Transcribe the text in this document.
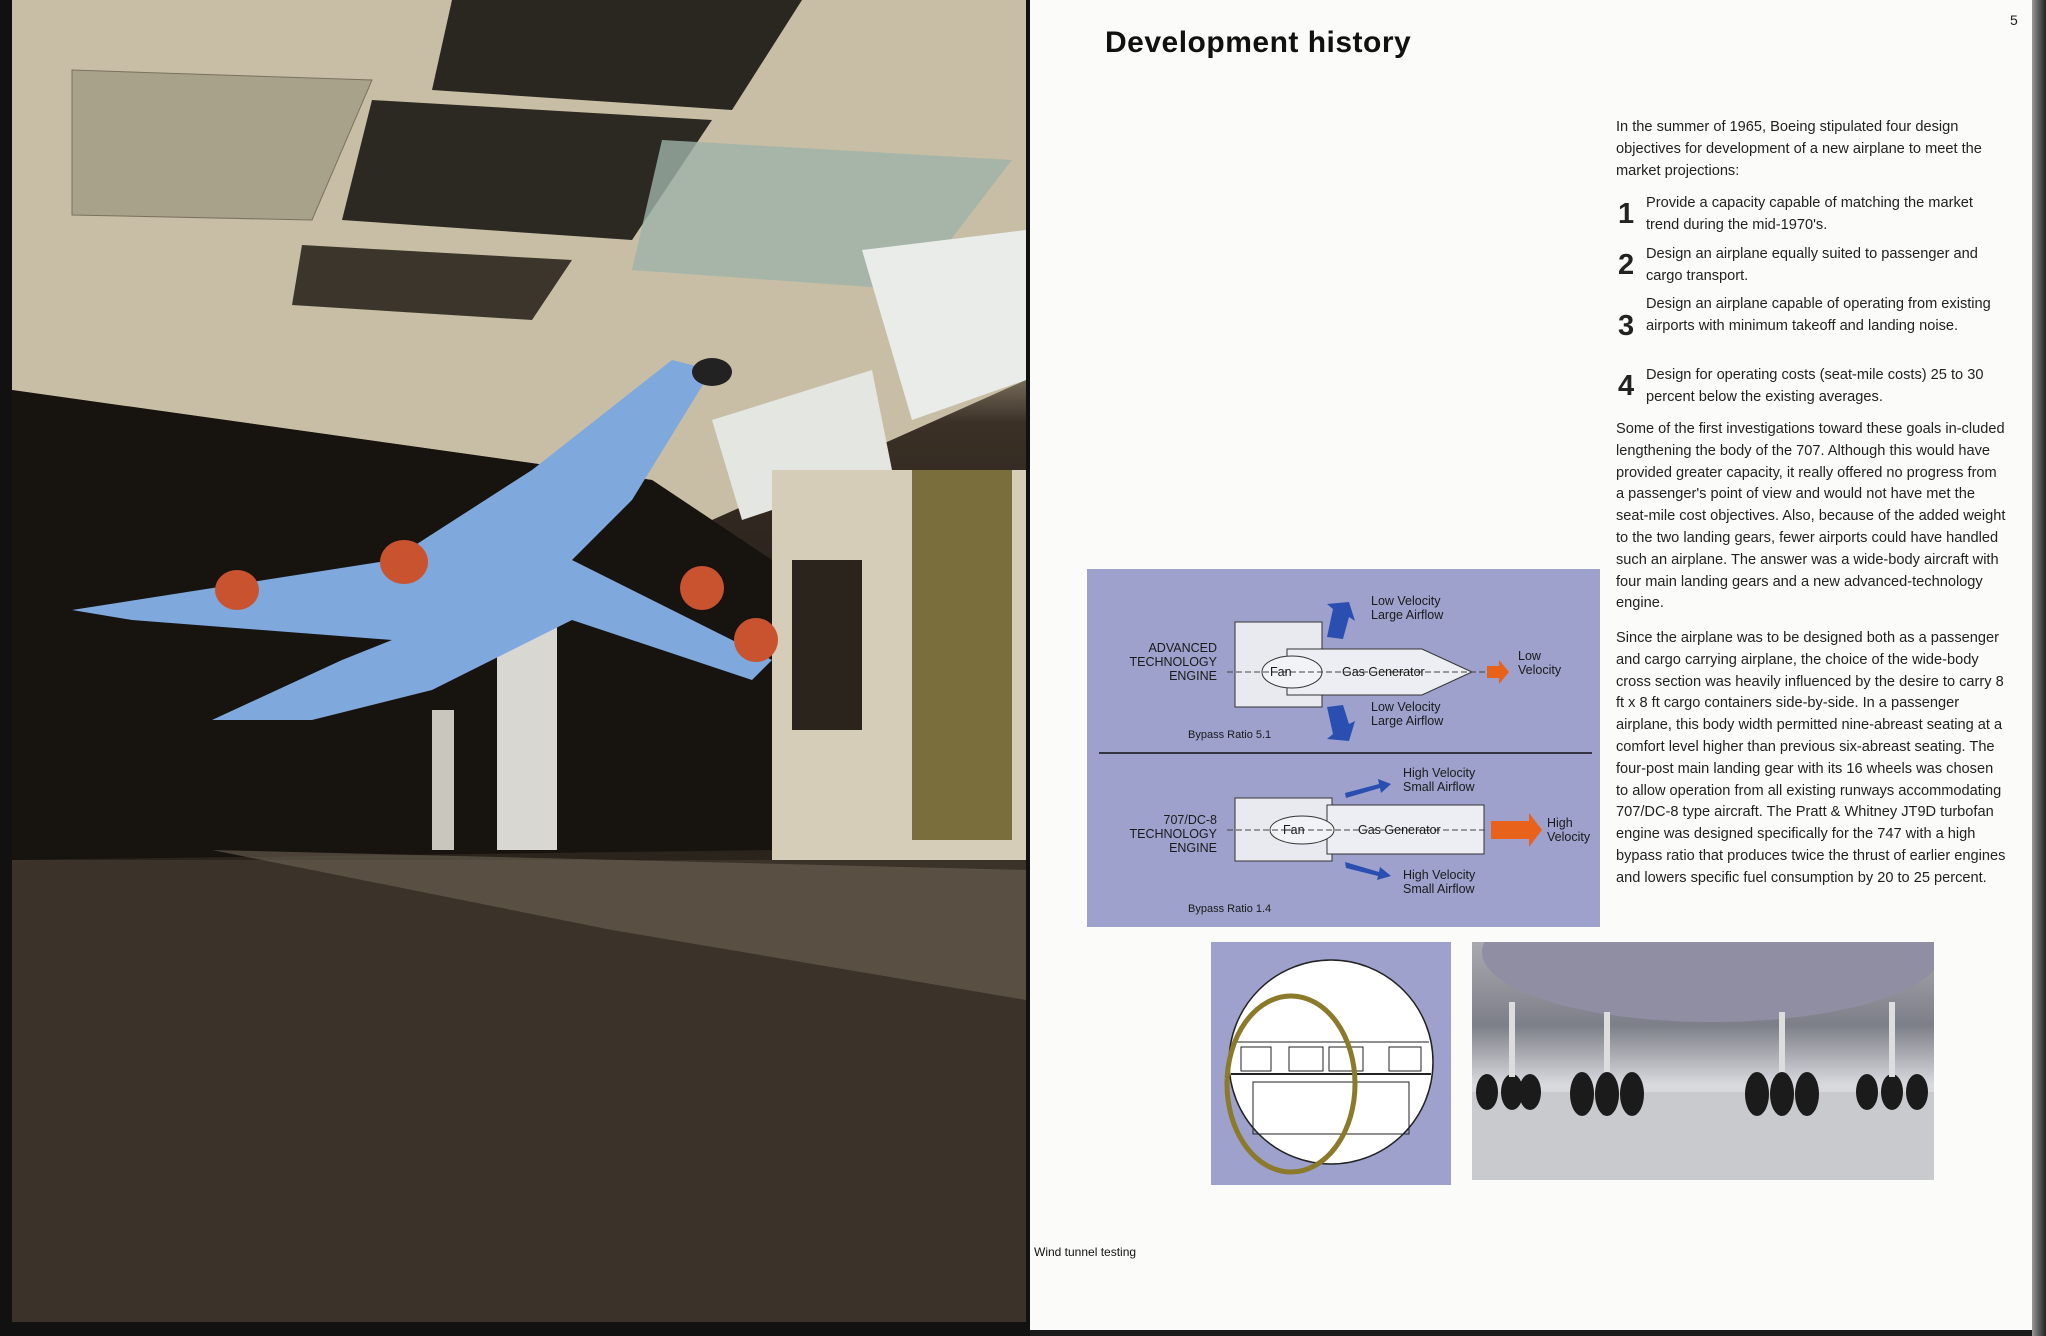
Development history
5
In the summer of 1965, Boeing stipulated four design objectives for development of a new airplane to meet the market projections:
1 Provide a capacity capable of matching the market trend during the mid-1970's.
2 Design an airplane equally suited to passenger and cargo transport.
3
Design an airplane capable of operating from existing airports with minimum takeoff and landing noise.
4 Design for operating costs (seat-mile costs) 25 to 30 percent below the existing averages.
Some of the first investigations toward these goals in-cluded lengthening the body of the 707. Although this would have provided greater capacity, it really offered no progress from a passenger's point of view and would not have met the seat-mile cost objectives. Also, because of the added weight to the two landing gears, fewer airports could have handled such an airplane. The answer was a wide-body aircraft with four main landing gears and a new advanced-technology engine.
Since the airplane was to be designed both as a passenger and cargo carrying airplane, the choice of the wide-body cross section was heavily influenced by the desire to carry 8 ft x 8 ft cargo containers side-by-side. In a passenger airplane, this body width permitted nine-abreast seating at a comfort level higher than previous six-abreast seating. The four-post main landing gear with its 16 wheels was chosen to allow operation from all existing runways accommodating 707/DC-8 type aircraft. The Pratt & Whitney JT9D turbofan engine was designed specifically for the 747 with a high bypass ratio that produces twice the thrust of earlier engines and lowers specific fuel consumption by 20 to 25 percent.
ADVANCED
TECHNOLOGY
ENGINE	Fan	Gas Generator
Low Velocity
Large Airflow
Low Velocity
Large Airflow
Low
Velocity
Bypass Ratio 5.1
707/DC-8
TECHNOLOGY
ENGINE
Fan	Gas Generator
High Velocity
Small Airflow
High Velocity
Small Airflow
High
Velocity
Bypass Ratio 1.4
Wind tunnel testing
